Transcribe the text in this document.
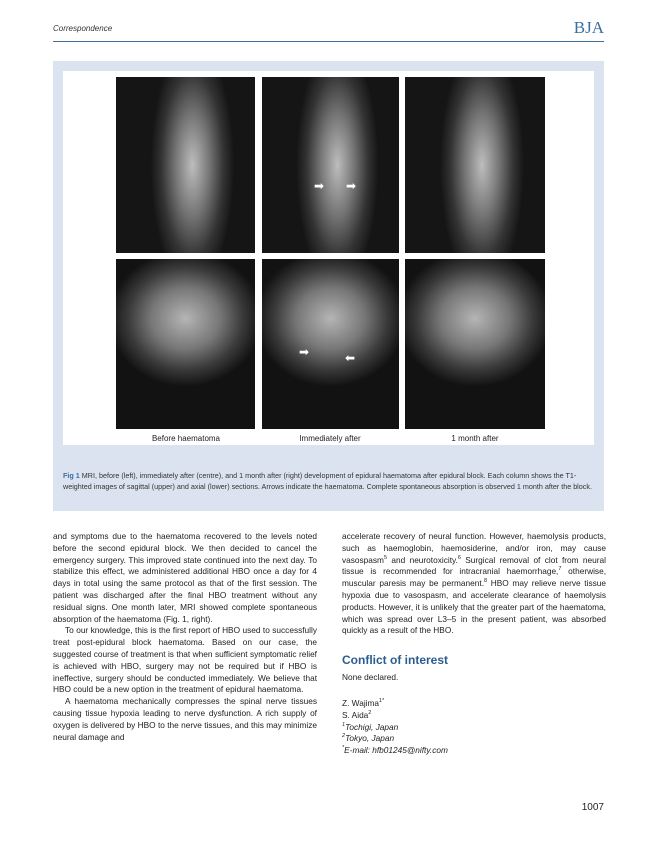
Correspondence	BJA
➡ ➡
➡	⬅
Before haematoma	Immediately after	1 month after
Fig 1 MRI, before (left), immediately after (centre), and 1 month after (right) development of epidural haematoma after epidural block. Each column shows the T1-weighted images of sagittal (upper) and axial (lower) sections. Arrows indicate the haematoma. Complete spontaneous absorption is observed 1 month after the block.

and symptoms due to the haematoma recovered to the levels noted before the second epidural block. We then decided to cancel the emergency surgery. This improved state continued into the next day. To stabilize this effect, we administered additional HBO once a day for 4 days in total using the same protocol as that of the first session. The patient was discharged after the final HBO treatment without any residual signs. One month later, MRI showed complete spontaneous absorption of the haematoma (Fig. 1, right).

To our knowledge, this is the first report of HBO used to successfully treat post-epidural block haematoma. Based on our case, the suggested course of treatment is that when sufficient symptomatic relief is achieved with HBO, surgery may not be required but if HBO is ineffective, surgery should be conducted immediately. We believe that HBO could be a new option in the treatment of epidural haematoma.

A haematoma mechanically compresses the spinal nerve tissues causing tissue hypoxia leading to nerve dysfunction. A rich supply of oxygen is delivered by HBO to the nerve tissues, and this may minimize neural damage and

accelerate recovery of neural function. However, haemolysis products, such as haemoglobin, haemosiderine, and/or iron, may cause vasospasm$^5$ and neurotoxicity.$^6$ Surgical removal of clot from neural tissue is recommended for intracranial haemorrhage,$^7$ otherwise, muscular paresis may be permanent.$^8$ HBO may relieve nerve tissue hypoxia due to vasospasm, and accelerate clearance of haemolysis products. However, it is unlikely that the greater part of the haematoma, which was spread over L3–5 in the present patient, was absorbed quickly as a result of the HBO.

Conflict of interest

None declared.

Z. Wajima$^{1*}$
S. Aida$^2$
$^1$Tochigi, Japan
$^2$Tokyo, Japan
*E-mail: hfb01245@nifty.com
1007
